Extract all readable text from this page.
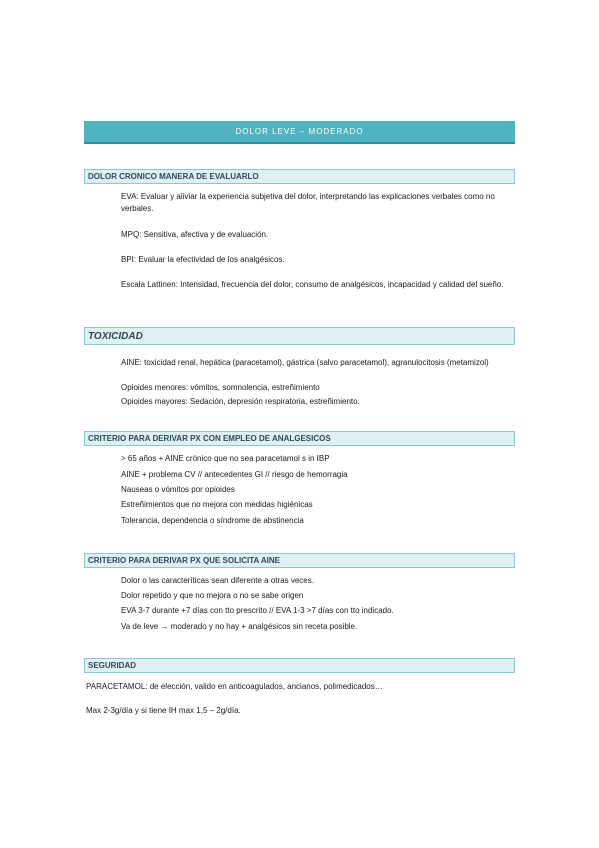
DOLOR LEVE – MODERADO
DOLOR CRONICO MANERA DE EVALUARLO
EVA: Evaluar y aliviar la experiencia subjetiva del dolor, interpretando las explicaciones verbales como no verbales.
MPQ: Sensitiva, afectiva y de evaluación.
BPI: Evaluar la efectividad de los analgésicos.
Escala Lattinen: Intensidad, frecuencia del dolor, consumo de analgésicos, incapacidad y calidad del sueño.
TOXICIDAD
AINE: toxicidad renal, hepática (paracetamol), gástrica (salvo paracetamol), agranulocitosis (metamizol)
Opioides menores: vómitos, somnolencia, estreñimiento
Opioides mayores: Sedación, depresión respiratoria, estreñimiento.
CRITERIO PARA DERIVAR PX CON EMPLEO DE ANALGESICOS
> 65 años + AINE crónico que no sea paracetamol s in IBP
AINE + problema CV // antecedentes GI // riesgo de hemorragia
Nauseas o vómitos por opioides
Estreñimientos que no mejora con medidas higiénicas
Tolerancia, dependencia o síndrome de abstinencia
CRITERIO PARA DERIVAR PX QUE SOLICITA AINE
Dolor o las caracteríticas sean diferente a otras veces.
Dolor repetido y que no mejora o no se sabe origen
EVA 3-7 durante +7 días con tto prescrito // EVA 1-3 >7 días con tto indicado.
Va de leve → moderado y no hay + analgésicos sin receta posible.
SEGURIDAD
PARACETAMOL: de elección, valido en anticoagulados, ancianos, polimedicados…
Max 2-3g/día y si tiene IH max 1,5 – 2g/día.
